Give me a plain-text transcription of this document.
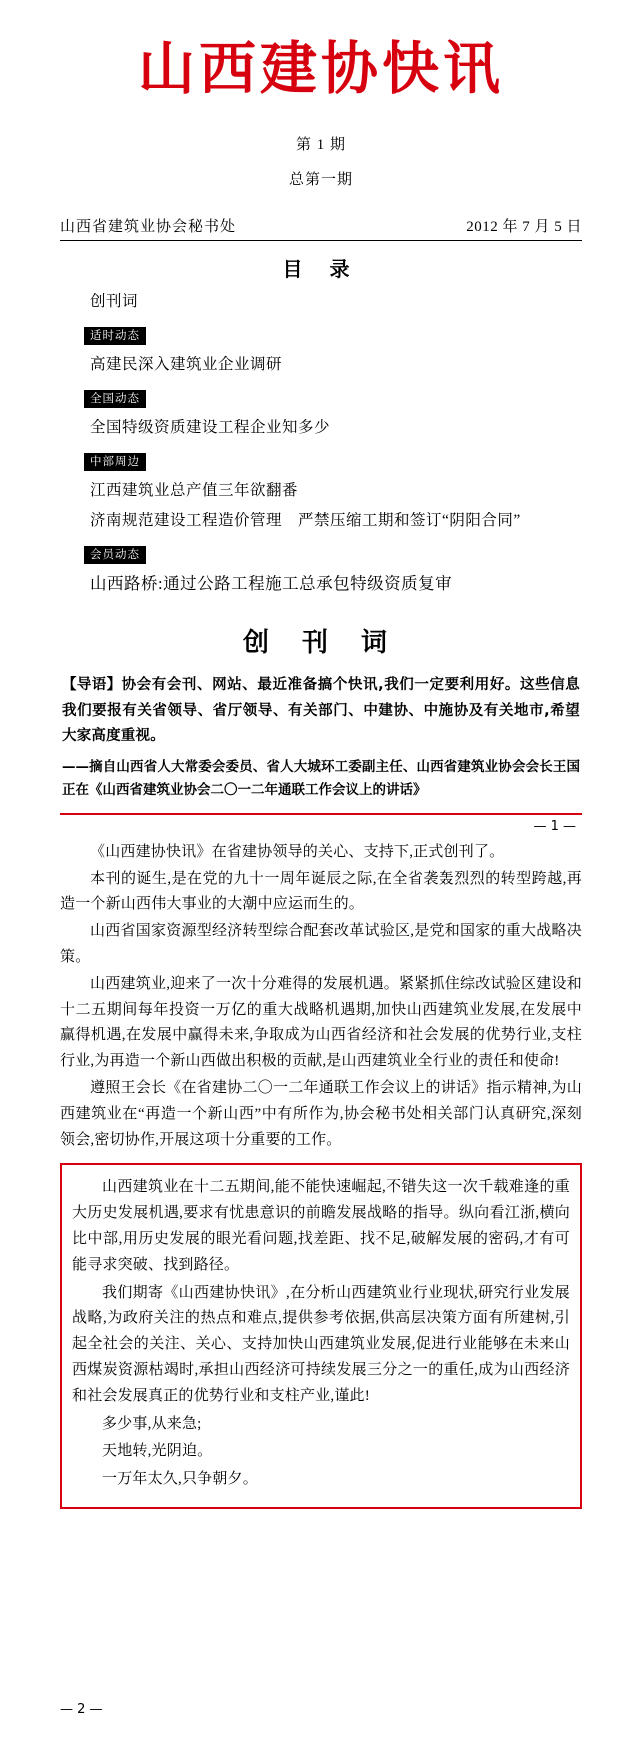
山西建协快讯
第 1 期
总第一期
山西省建筑业协会秘书处	2012 年 7 月 5 日
目 录
创刊词
适时动态
高建民深入建筑业企业调研
全国动态
全国特级资质建设工程企业知多少
中部周边
江西建筑业总产值三年欲翻番
济南规范建设工程造价管理　严禁压缩工期和签订“阴阳合同”
会员动态
山西路桥:通过公路工程施工总承包特级资质复审
创 刊 词
【导语】协会有会刊、网站、最近准备搞个快讯,我们一定要利用好。这些信息我们要报有关省领导、省厅领导、有关部门、中建协、中施协及有关地市,希望大家高度重视。
——摘自山西省人大常委会委员、省人大城环工委副主任、山西省建筑业协会会长王国正在《山西省建筑业协会二〇一二年通联工作会议上的讲话》
— 1 —

《山西建协快讯》在省建协领导的关心、支持下,正式创刊了。

本刊的诞生,是在党的九十一周年诞辰之际,在全省袭轰烈烈的转型跨越,再造一个新山西伟大事业的大潮中应运而生的。

山西省国家资源型经济转型综合配套改革试验区,是党和国家的重大战略决策。

山西建筑业,迎来了一次十分难得的发展机遇。紧紧抓住综改试验区建设和十二五期间每年投资一万亿的重大战略机遇期,加快山西建筑业发展,在发展中赢得机遇,在发展中赢得未来,争取成为山西省经济和社会发展的优势行业,支柱行业,为再造一个新山西做出积极的贡献,是山西建筑业全行业的责任和使命!

遵照王会长《在省建协二〇一二年通联工作会议上的讲话》指示精神,为山西建筑业在“再造一个新山西”中有所作为,协会秘书处相关部门认真研究,深刻领会,密切协作,开展这项十分重要的工作。

山西建筑业在十二五期间,能不能快速崛起,不错失这一次千载难逢的重大历史发展机遇,要求有忧患意识的前瞻发展战略的指导。纵向看江浙,横向比中部,用历史发展的眼光看问题,找差距、找不足,破解发展的密码,才有可能寻求突破、找到路径。

我们期寄《山西建协快讯》,在分析山西建筑业行业现状,研究行业发展战略,为政府关注的热点和难点,提供参考依据,供高层决策方面有所建树,引起全社会的关注、关心、支持加快山西建筑业发展,促进行业能够在未来山西煤炭资源枯竭时,承担山西经济可持续发展三分之一的重任,成为山西经济和社会发展真正的优势行业和支柱产业,谨此!

多少事,从来急;

天地转,光阴迫。

一万年太久,只争朝夕。

— 2 —
